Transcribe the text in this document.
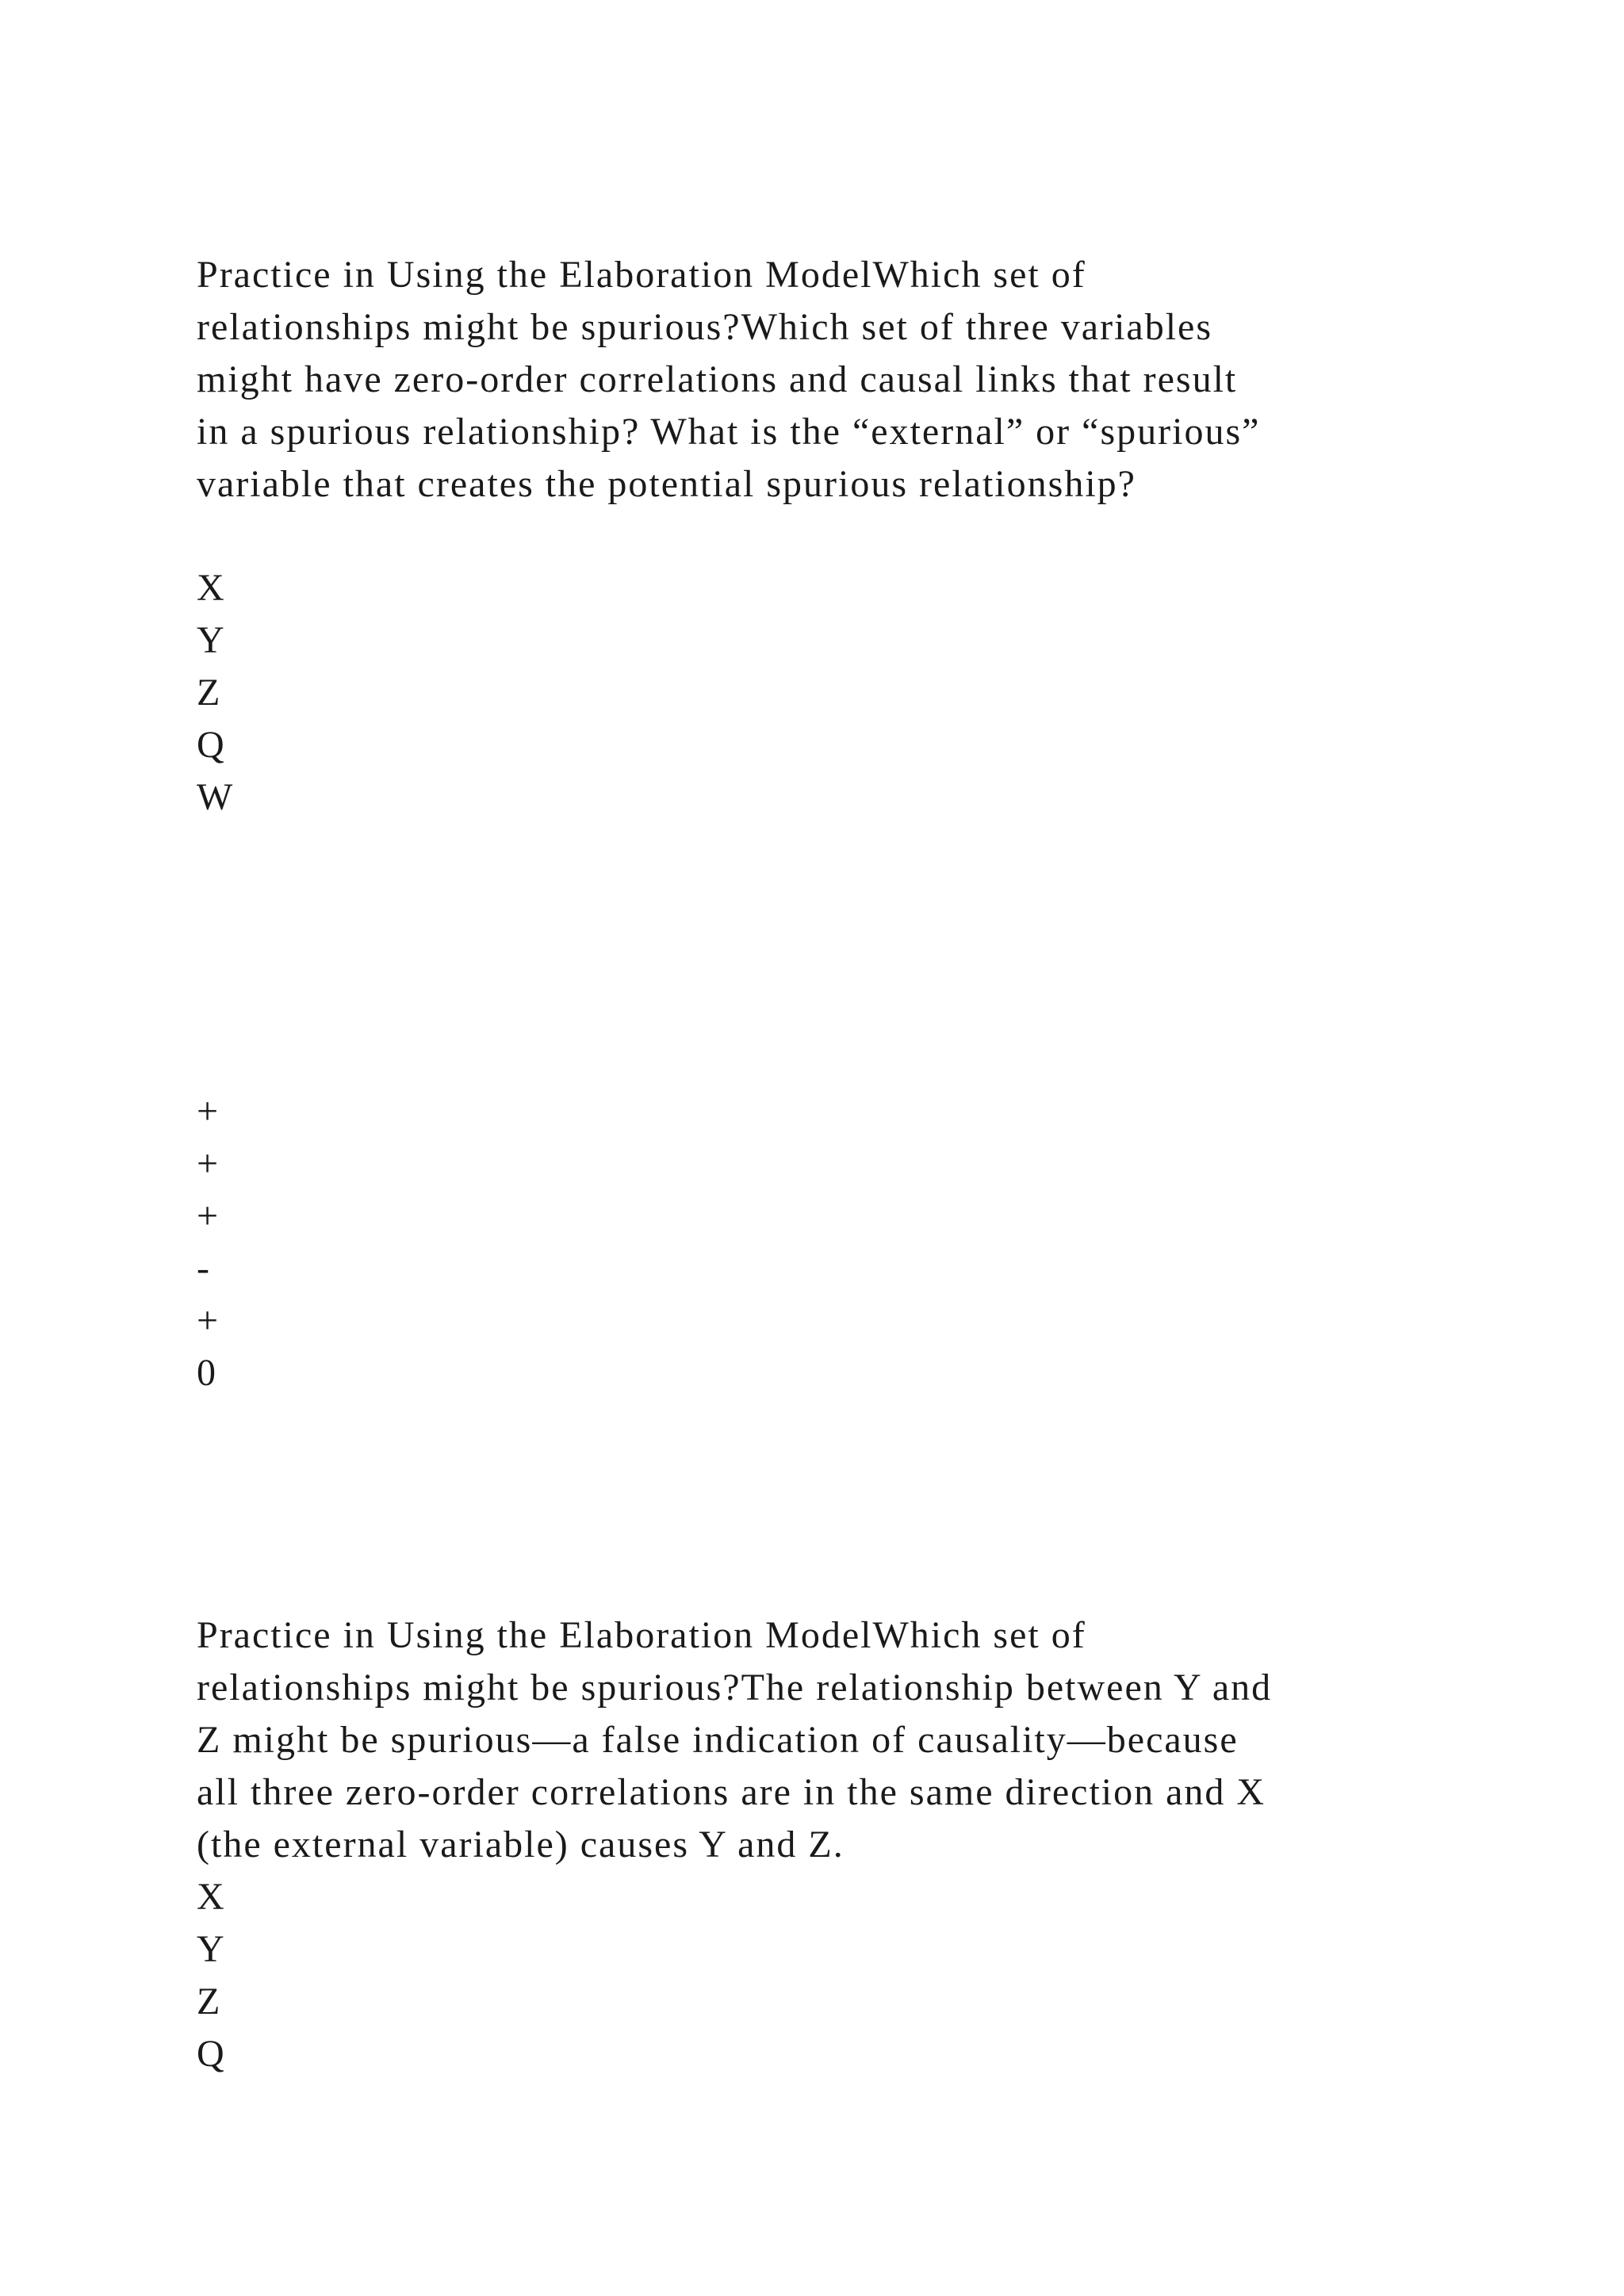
Practice in Using the Elaboration ModelWhich set of
relationships might be spurious?Which set of three variables
might have zero-order correlations and causal links that result
in a spurious relationship? What is the “external” or “spurious”
variable that creates the potential spurious relationship?
X
Y
Z
Q
W
+
+
+
-
+
0
Practice in Using the Elaboration ModelWhich set of
relationships might be spurious?The relationship between Y and
Z might be spurious—a false indication of causality—because
all three zero-order correlations are in the same direction and X
(the external variable) causes Y and Z.
X
Y
Z
Q
